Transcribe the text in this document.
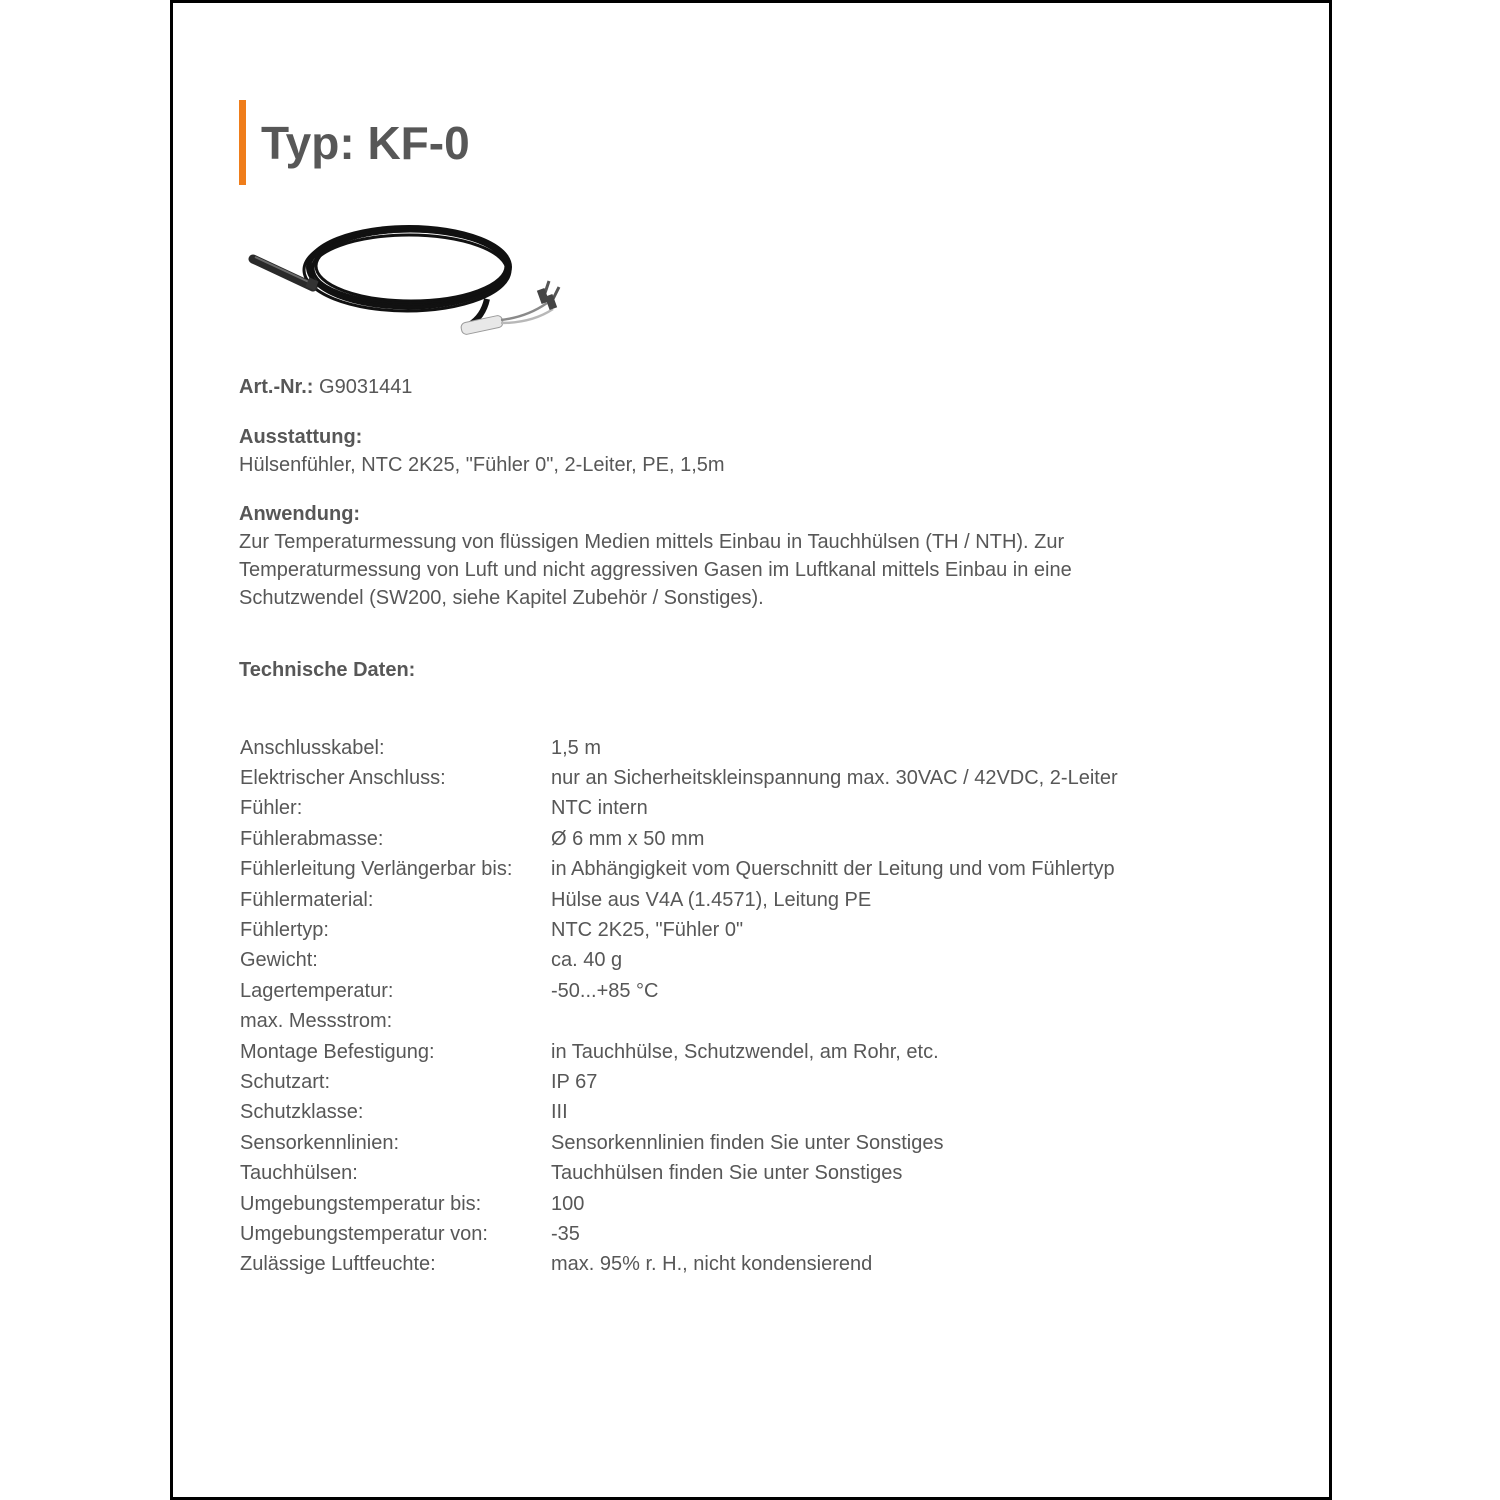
Typ: KF-0
Art.-Nr.: G9031441
Ausstattung:
Hülsenfühler, NTC 2K25, "Fühler 0", 2-Leiter, PE, 1,5m
Anwendung:
Zur Temperaturmessung von flüssigen Medien mittels Einbau in Tauchhülsen (TH / NTH). Zur
Temperaturmessung von Luft und nicht aggressiven Gasen im Luftkanal mittels Einbau in eine
Schutzwendel (SW200, siehe Kapitel Zubehör / Sonstiges).
Technische Daten:
Anschlusskabel:	1,5 m
Elektrischer Anschluss:	nur an Sicherheitskleinspannung max. 30VAC / 42VDC, 2-Leiter
Fühler:	NTC intern
Fühlerabmasse:	Ø 6 mm x 50 mm
Fühlerleitung Verlängerbar bis:	in Abhängigkeit vom Querschnitt der Leitung und vom Fühlertyp
Fühlermaterial:	Hülse aus V4A (1.4571), Leitung PE
Fühlertyp:	NTC 2K25, "Fühler 0"
Gewicht:	ca. 40 g
Lagertemperatur:	-50...+85 °C
max. Messstrom:
Montage Befestigung:	in Tauchhülse, Schutzwendel, am Rohr, etc.
Schutzart:	IP 67
Schutzklasse:	III
Sensorkennlinien:	Sensorkennlinien finden Sie unter Sonstiges
Tauchhülsen:	Tauchhülsen finden Sie unter Sonstiges
Umgebungstemperatur bis:	100
Umgebungstemperatur von:	-35
Zulässige Luftfeuchte:	max. 95% r. H., nicht kondensierend
